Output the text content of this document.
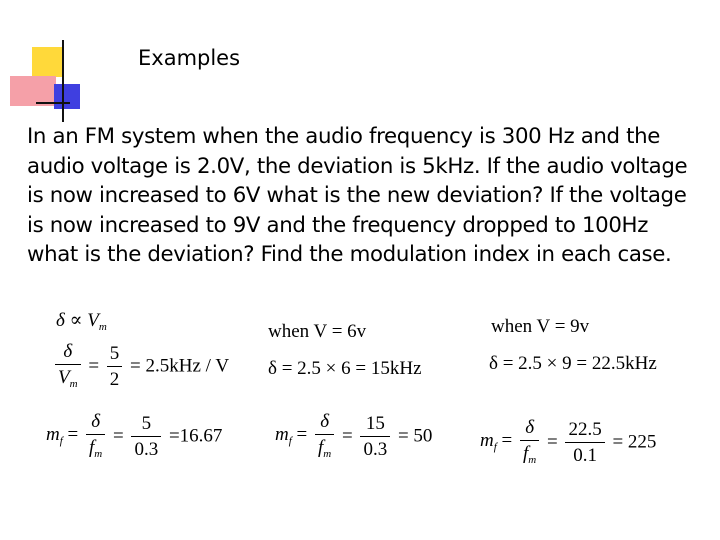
Examples
In an FM system when the audio frequency is 300 Hz and the audio voltage is 2.0V, the deviation is 5kHz. If the audio voltage is now increased to 6V what is the new deviation? If the voltage is now increased to 9V and the frequency dropped to 100Hz what is the deviation? Find the modulation index in each case.
$\delta \propto V_m$
$\frac{\delta}{V_m} = \frac{5}{2} = 2.5kHz / V$
when V = 6v
δ = 2.5 × 6 = 15kHz
when V = 9v
δ = 2.5 × 9 = 22.5kHz
$m_f = \frac{\delta}{f_m} = \frac{5}{0.3} =16.67$	$m_f = \frac{\delta}{f_m} = \frac{15}{0.3} = 50$	$m_f = \frac{\delta}{f_m} = \frac{22.5}{0.1} = 225$
